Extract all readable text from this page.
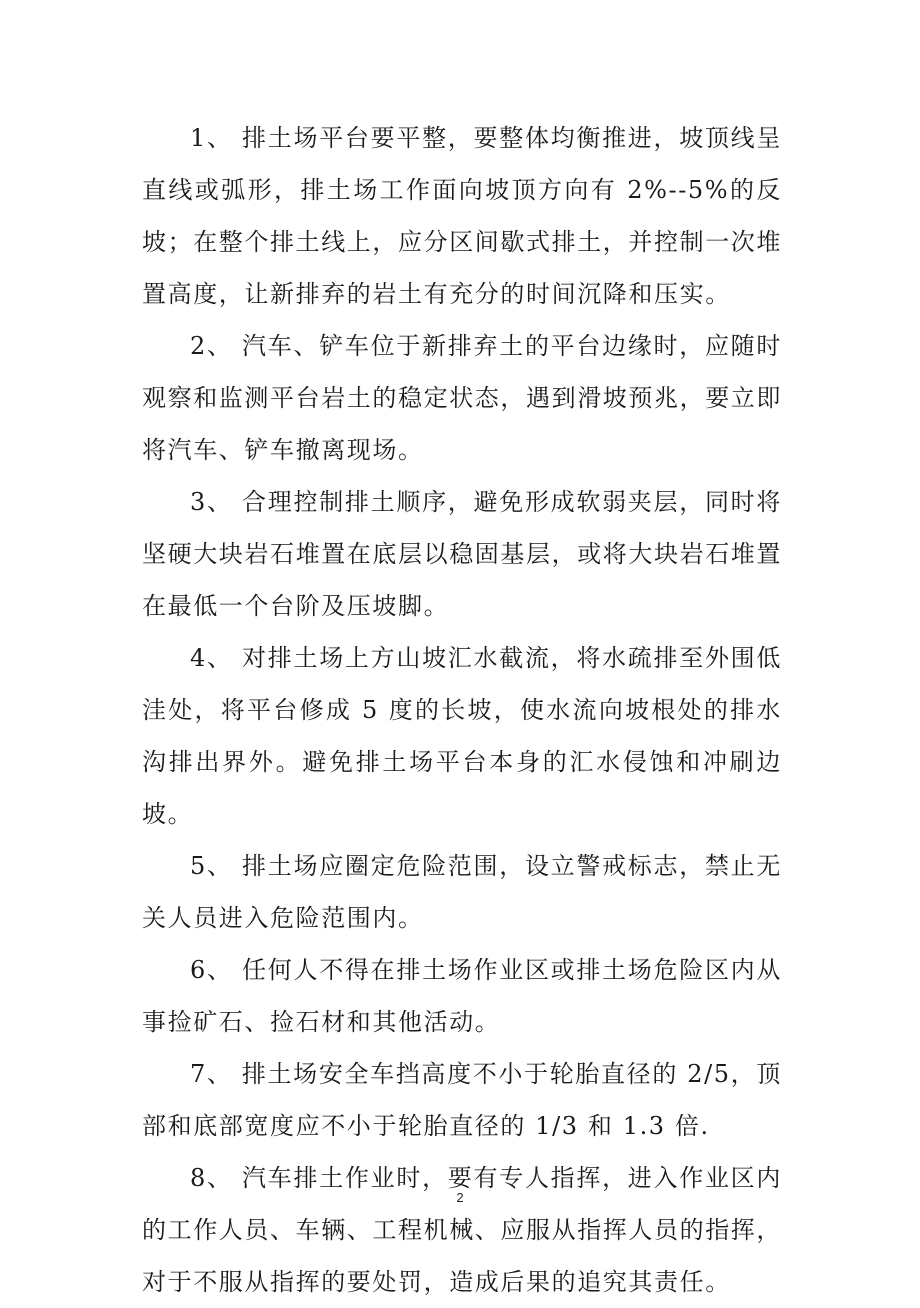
1、 排土场平台要平整，要整体均衡推进，坡顶线呈直线或弧形，排土场工作面向坡顶方向有 2%--5%的反坡；在整个排土线上，应分区间歇式排土，并控制一次堆置高度，让新排弃的岩土有充分的时间沉降和压实。

2、 汽车、铲车位于新排弃土的平台边缘时，应随时观察和监测平台岩土的稳定状态，遇到滑坡预兆，要立即将汽车、铲车撤离现场。

3、 合理控制排土顺序，避免形成软弱夹层，同时将坚硬大块岩石堆置在底层以稳固基层，或将大块岩石堆置在最低一个台阶及压坡脚。

4、 对排土场上方山坡汇水截流，将水疏排至外围低洼处，将平台修成 5 度的长坡，使水流向坡根处的排水沟排出界外。避免排土场平台本身的汇水侵蚀和冲刷边坡。

5、 排土场应圈定危险范围，设立警戒标志，禁止无关人员进入危险范围内。

6、 任何人不得在排土场作业区或排土场危险区内从事捡矿石、捡石材和其他活动。

7、 排土场安全车挡高度不小于轮胎直径的 2/5，顶部和底部宽度应不小于轮胎直径的 1/3 和 1.3 倍.

8、 汽车排土作业时，要有专人指挥，进入作业区内的工作人员、车辆、工程机械、应服从指挥人员的指挥，对于不服从指挥的要处罚，造成后果的追究其责任。

2
